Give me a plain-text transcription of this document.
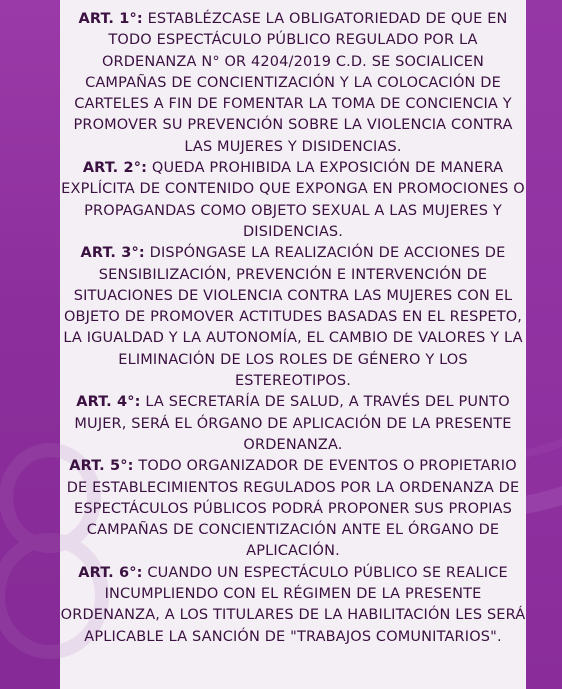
ART. 1°: ESTABLÉZCASE LA OBLIGATORIEDAD DE QUE EN TODO ESPECTÁCULO PÚBLICO REGULADO POR LA ORDENANZA N° OR 4204/2019 C.D. SE SOCIALICEN CAMPAÑAS DE CONCIENTIZACIÓN Y LA COLOCACIÓN DE CARTELES A FIN DE FOMENTAR LA TOMA DE CONCIENCIA Y PROMOVER SU PREVENCIÓN SOBRE LA VIOLENCIA CONTRA LAS MUJERES Y DISIDENCIAS.

ART. 2°: QUEDA PROHIBIDA LA EXPOSICIÓN DE MANERA EXPLÍCITA DE CONTENIDO QUE EXPONGA EN PROMOCIONES O PROPAGANDAS COMO OBJETO SEXUAL A LAS MUJERES Y DISIDENCIAS.

ART. 3°: DISPÓNGASE LA REALIZACIÓN DE ACCIONES DE SENSIBILIZACIÓN, PREVENCIÓN E INTERVENCIÓN DE SITUACIONES DE VIOLENCIA CONTRA LAS MUJERES CON EL OBJETO DE PROMOVER ACTITUDES BASADAS EN EL RESPETO, LA IGUALDAD Y LA AUTONOMÍA, EL CAMBIO DE VALORES Y LA ELIMINACIÓN DE LOS ROLES DE GÉNERO Y LOS ESTEREOTIPOS.

ART. 4°: LA SECRETARÍA DE SALUD, A TRAVÉS DEL PUNTO MUJER, SERÁ EL ÓRGANO DE APLICACIÓN DE LA PRESENTE ORDENANZA.

ART. 5°: TODO ORGANIZADOR DE EVENTOS O PROPIETARIO DE ESTABLECIMIENTOS REGULADOS POR LA ORDENANZA DE ESPECTÁCULOS PÚBLICOS PODRÁ PROPONER SUS PROPIAS CAMPAÑAS DE CONCIENTIZACIÓN ANTE EL ÓRGANO DE APLICACIÓN.

ART. 6°: CUANDO UN ESPECTÁCULO PÚBLICO SE REALICE INCUMPLIENDO CON EL RÉGIMEN DE LA PRESENTE ORDENANZA, A LOS TITULARES DE LA HABILITACIÓN LES SERÁ APLICABLE LA SANCIÓN DE "TRABAJOS COMUNITARIOS".
